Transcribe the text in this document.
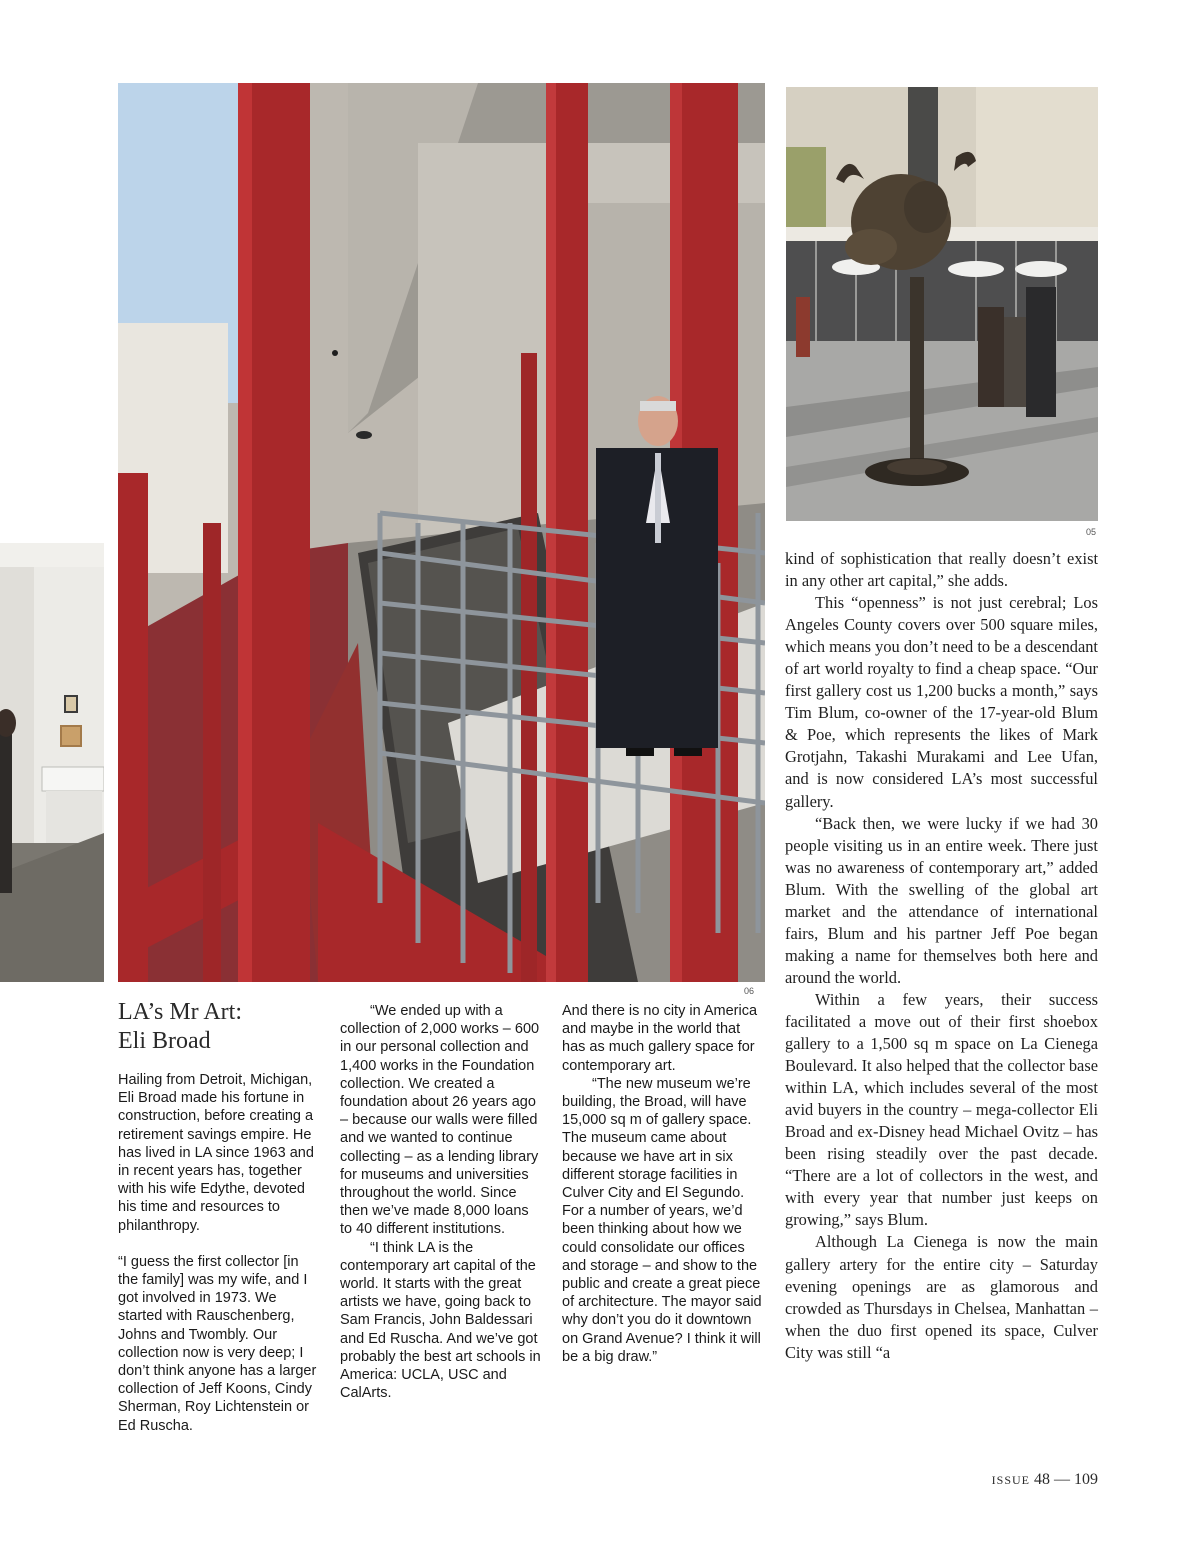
06
05
LA’s Mr Art:
Eli Broad

Hailing from Detroit, Michigan, Eli Broad made his fortune in construction, before creating a retirement savings empire. He has lived in LA since 1963 and in recent years has, together with his wife Edythe, devoted his time and resources to philanthropy.

“I guess the first collector [in the family] was my wife, and I got involved in 1973. We started with Rauschenberg, Johns and Twombly. Our collection now is very deep; I don’t think anyone has a larger collection of Jeff Koons, Cindy Sherman, Roy Lichtenstein or Ed Ruscha.

“We ended up with a collection of 2,000 works – 600 in our personal collection and 1,400 works in the Foundation collection. We created a foundation about 26 years ago – because our walls were filled and we wanted to continue collecting – as a lending library for museums and universities throughout the world. Since then we’ve made 8,000 loans to 40 different institutions.

“I think LA is the contemporary art capital of the world. It starts with the great artists we have, going back to Sam Francis, John Baldessari and Ed Ruscha. And we’ve got probably the best art schools in America: UCLA, USC and CalArts.

And there is no city in America and maybe in the world that has as much gallery space for contemporary art.

“The new museum we’re building, the Broad, will have 15,000 sq m of gallery space. The museum came about because we have art in six different storage facilities in Culver City and El Segundo. For a number of years, we’d been thinking about how we could consolidate our offices and storage – and show to the public and create a great piece of architecture. The mayor said why don’t you do it downtown on Grand Avenue? I think it will be a big draw.”

kind of sophistication that really doesn’t exist in any other art capital,” she adds.

This “openness” is not just cerebral; Los Angeles County covers over 500 square miles, which means you don’t need to be a descendant of art world royalty to find a cheap space. “Our first gallery cost us 1,200 bucks a month,” says Tim Blum, co-owner of the 17-year-old Blum & Poe, which represents the likes of Mark Grotjahn, Takashi Murakami and Lee Ufan, and is now considered LA’s most successful gallery.

“Back then, we were lucky if we had 30 people visiting us in an entire week. There just was no awareness of contemporary art,” added Blum. With the swelling of the global art market and the attendance of international fairs, Blum and his partner Jeff Poe began making a name for themselves both here and around the world.

Within a few years, their success facilitated a move out of their first shoebox gallery to a 1,500 sq m space on La Cienega Boulevard. It also helped that the collector base within LA, which includes several of the most avid buyers in the country – mega-collector Eli Broad and ex-Disney head Michael Ovitz – has been rising steadily over the past decade. “There are a lot of collectors in the west, and with every year that number just keeps on growing,” says Blum.

Although La Cienega is now the main gallery artery for the entire city – Saturday evening openings are as glamorous and crowded as Thursdays in Chelsea, Manhattan – when the duo first opened its space, Culver City was still “a

ISSUE 48 — 109
